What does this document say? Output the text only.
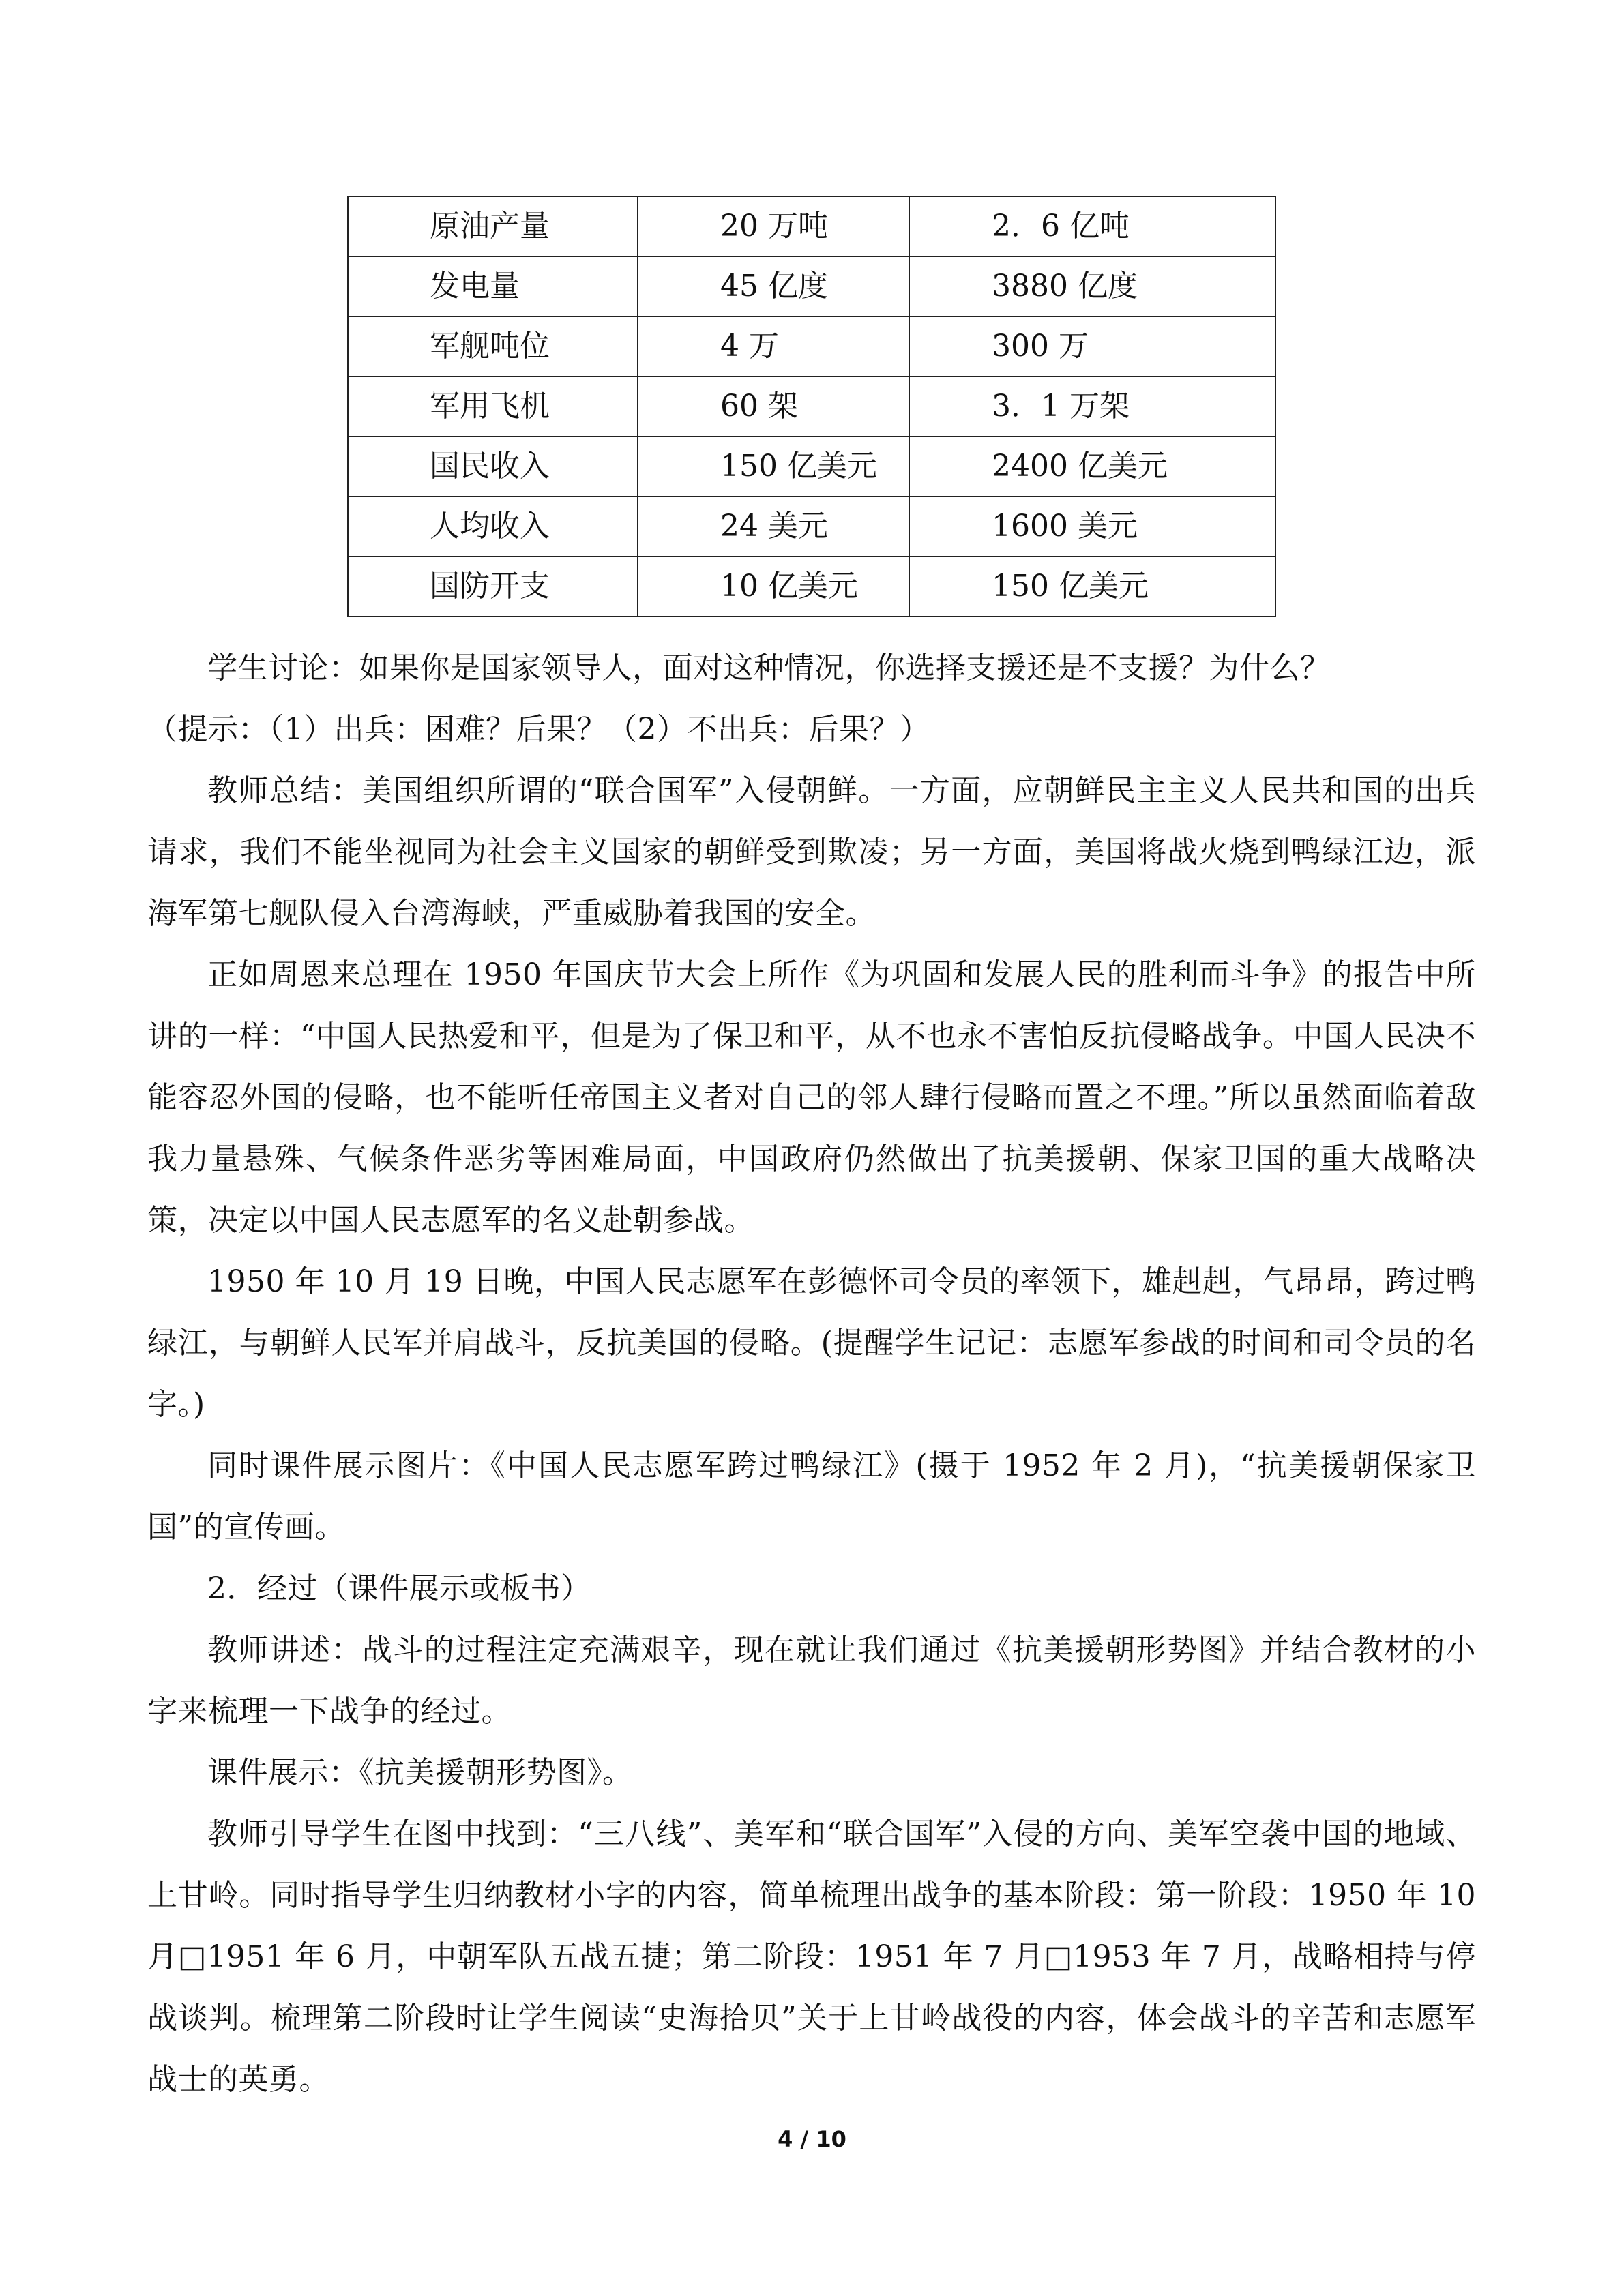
原油产量	20 万吨	2．6 亿吨
发电量	45 亿度	3880 亿度
军舰吨位	4 万	300 万
军用飞机	60 架	3．1 万架
国民收入	150 亿美元	2400 亿美元
人均收入	24 美元	1600 美元
国防开支	10 亿美元	150 亿美元

学生讨论：如果你是国家领导人，面对这种情况，你选择支援还是不支援？为什么？

（提示：（1）出兵：困难？后果？（2）不出兵：后果？）

教师总结：美国组织所谓的“联合国军”入侵朝鲜。一方面，应朝鲜民主主义人民共和国的出兵请求，我们不能坐视同为社会主义国家的朝鲜受到欺凌；另一方面，美国将战火烧到鸭绿江边，派海军第七舰队侵入台湾海峡，严重威胁着我国的安全。

正如周恩来总理在 1950 年国庆节大会上所作《为巩固和发展人民的胜利而斗争》的报告中所讲的一样：“中国人民热爱和平，但是为了保卫和平，从不也永不害怕反抗侵略战争。中国人民决不能容忍外国的侵略，也不能听任帝国主义者对自己的邻人肆行侵略而置之不理。”所以虽然面临着敌我力量悬殊、气候条件恶劣等困难局面，中国政府仍然做出了抗美援朝、保家卫国的重大战略决策，决定以中国人民志愿军的名义赴朝参战。

1950 年 10 月 19 日晚，中国人民志愿军在彭德怀司令员的率领下，雄赳赳，气昂昂，跨过鸭绿江，与朝鲜人民军并肩战斗，反抗美国的侵略。(提醒学生记记：志愿军参战的时间和司令员的名字。)

同时课件展示图片：《中国人民志愿军跨过鸭绿江》(摄于 1952 年 2 月)，“抗美援朝保家卫国”的宣传画。

2．经过（课件展示或板书）

教师讲述：战斗的过程注定充满艰辛，现在就让我们通过《抗美援朝形势图》并结合教材的小字来梳理一下战争的经过。

课件展示：《抗美援朝形势图》。

教师引导学生在图中找到：“三八线”、美军和“联合国军”入侵的方向、美军空袭中国的地域、上甘岭。同时指导学生归纳教材小字的内容，简单梳理出战争的基本阶段：第一阶段：1950 年 10 月□1951 年 6 月，中朝军队五战五捷；第二阶段：1951 年 7 月□1953 年 7 月，战略相持与停战谈判。梳理第二阶段时让学生阅读“史海拾贝”关于上甘岭战役的内容，体会战斗的辛苦和志愿军战士的英勇。

4 / 10
